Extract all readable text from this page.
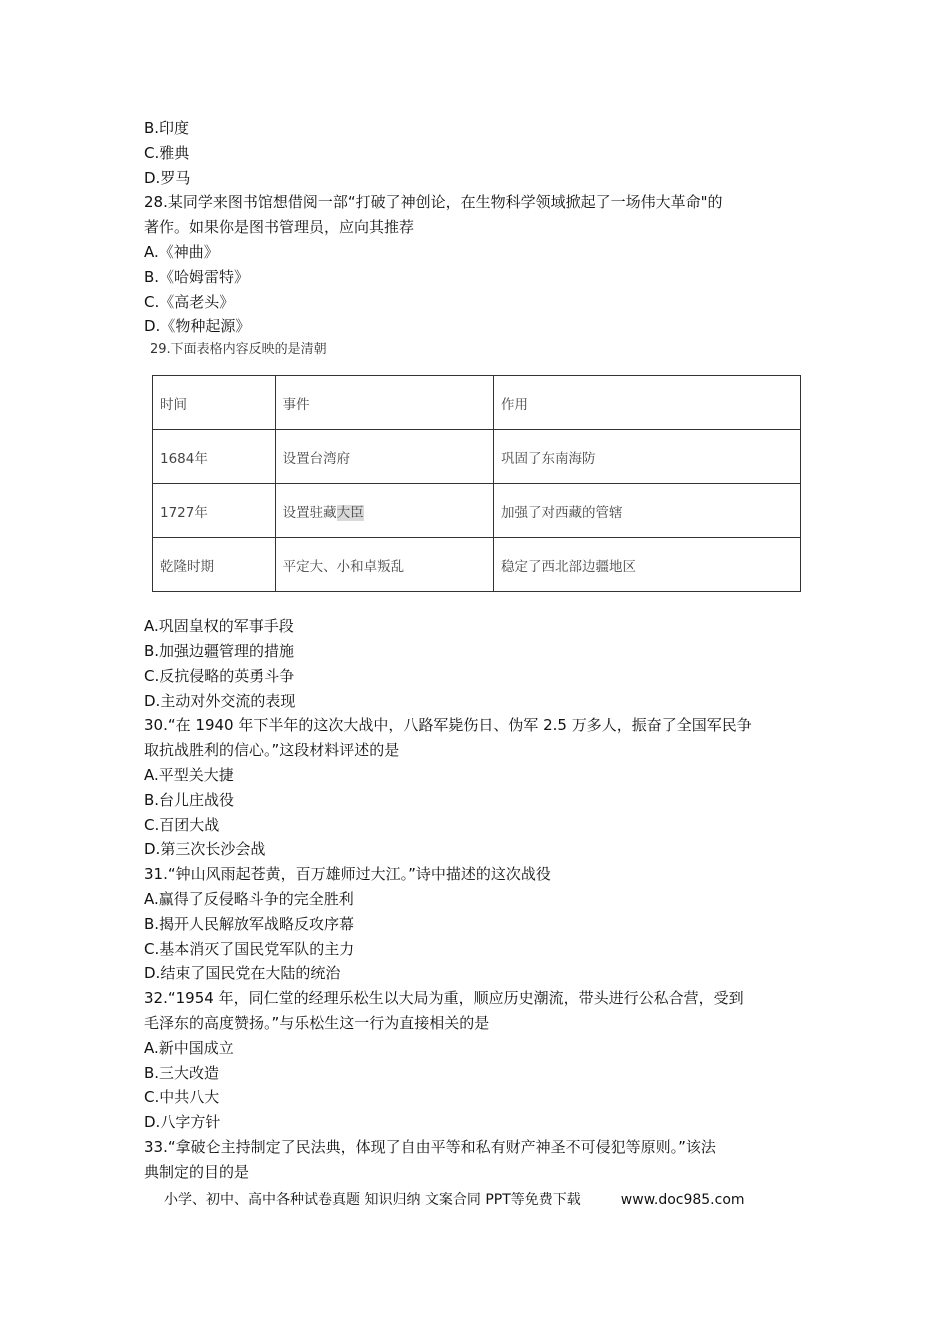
B.印度
C.雅典
D.罗马
28.某同学来图书馆想借阅一部“打破了神创论，在生物科学领域掀起了一场伟大革命"的
著作。如果你是图书管理员，应向其推荐
A.《神曲》
B.《哈姆雷特》
C.《高老头》
D.《物种起源》
29.下面表格内容反映的是清朝
时间	事件	作用
1684年	设置台湾府	巩固了东南海防
1727年	设置驻藏大臣	加强了对西藏的管辖
乾隆时期	平定大、小和卓叛乱	稳定了西北部边疆地区
A.巩固皇权的军事手段
B.加强边疆管理的措施
C.反抗侵略的英勇斗争
D.主动对外交流的表现
30.“在 1940 年下半年的这次大战中，八路军毙伤日、伪军 2.5 万多人，振奋了全国军民争
取抗战胜利的信心。”这段材料评述的是
A.平型关大捷
B.台儿庄战役
C.百团大战
D.第三次长沙会战
31.“钟山风雨起苍黄，百万雄师过大江。”诗中描述的这次战役
A.赢得了反侵略斗争的完全胜利
B.揭开人民解放军战略反攻序幕
C.基本消灭了国民党军队的主力
D.结束了国民党在大陆的统治
32.“1954 年，同仁堂的经理乐松生以大局为重，顺应历史潮流，带头进行公私合营，受到
毛泽东的高度赞扬。”与乐松生这一行为直接相关的是
A.新中国成立
B.三大改造
C.中共八大
D.八字方针
33.“拿破仑主持制定了民法典，体现了自由平等和私有财产神圣不可侵犯等原则。”该法
典制定的目的是
小学、初中、高中各种试卷真题 知识归纳 文案合同 PPT等免费下载	www.doc985.com
